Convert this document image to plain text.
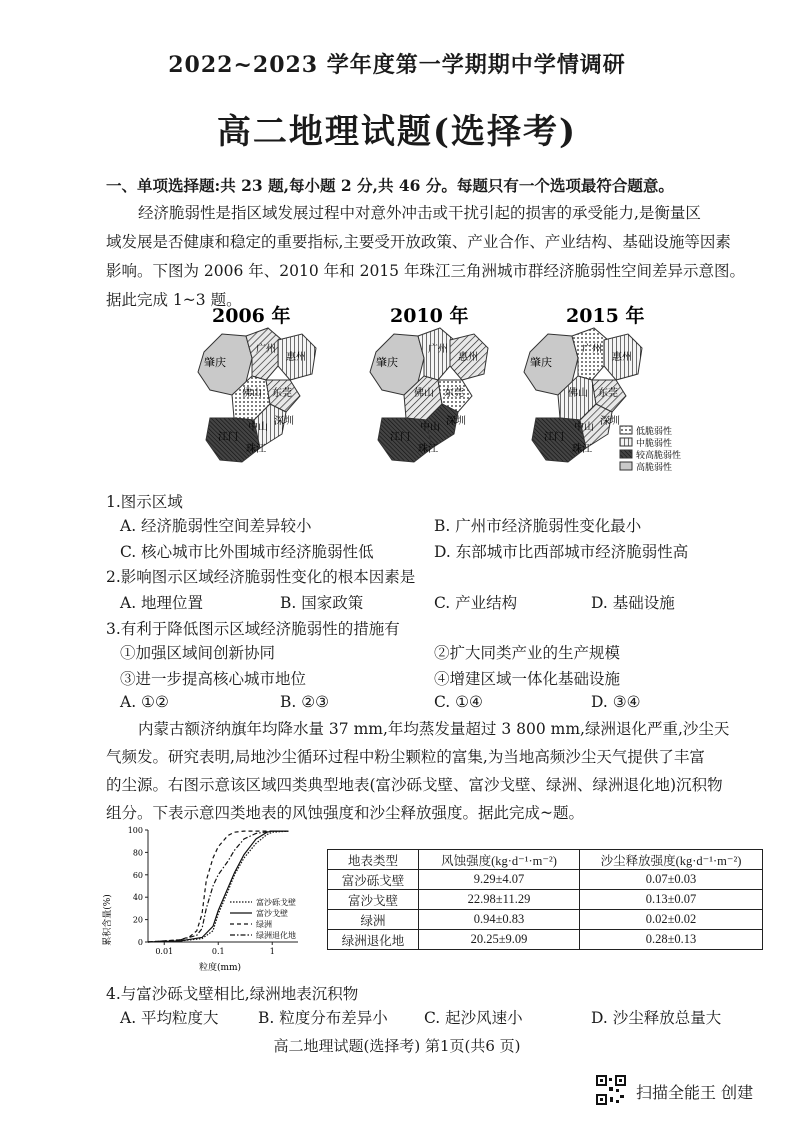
2022~2023 学年度第一学期期中学情调研
高二地理试题(选择考)
一、单项选择题:共 23 题,每小题 2 分,共 46 分。每题只有一个选项最符合题意。
经济脆弱性是指区域发展过程中对意外冲击或干扰引起的损害的承受能力,是衡量区
域发展是否健康和稳定的重要指标,主要受开放政策、产业合作、产业结构、基础设施等因素
影响。下图为 2006 年、2010 年和 2015 年珠江三角洲城市群经济脆弱性空间差异示意图。
据此完成 1~3 题。
2006 年
肇庆
广州
惠州
佛山 东莞
中山
深圳
江门
珠江
2010 年
肇庆
广州
惠州
佛山 东莞
中山
深圳
江门
珠江
2015 年
肇庆
广州
惠州
佛山 东莞
中山
深圳
江门
珠江
低脆弱性
中脆弱性
较高脆弱性
高脆弱性
1.图示区域
A. 经济脆弱性空间差异较小	B. 广州市经济脆弱性变化最小
C. 核心城市比外围城市经济脆弱性低	D. 东部城市比西部城市经济脆弱性高
2.影响图示区域经济脆弱性变化的根本因素是
A. 地理位置	B. 国家政策	C. 产业结构	D. 基础设施
3.有利于降低图示区域经济脆弱性的措施有
①加强区域间创新协同	②扩大同类产业的生产规模
③进一步提高核心城市地位	④增建区域一体化基础设施
A. ①②	B. ②③	C. ①④	D. ③④
内蒙古额济纳旗年均降水量 37 mm,年均蒸发量超过 3 800 mm,绿洲退化严重,沙尘天
气频发。研究表明,局地沙尘循环过程中粉尘颗粒的富集,为当地高频沙尘天气提供了丰富
的尘源。右图示意该区域四类典型地表(富沙砾戈壁、富沙戈壁、绿洲、绿洲退化地)沉积物
组分。下表示意四类地表的风蚀强度和沙尘释放强度。据此完成~题。
0
20
40
60
80
100
0.01	0.1	1
富沙砾戈壁
富沙戈壁
绿洲
绿洲退化地
累积含量(%)
粒度(mm)
地表类型	风蚀强度(kg·d⁻¹·m⁻²)	沙尘释放强度(kg·d⁻¹·m⁻²)
富沙砾戈壁	9.29±4.07	0.07±0.03
富沙戈壁	22.98±11.29	0.13±0.07
绿洲	0.94±0.83	0.02±0.02
绿洲退化地	20.25±9.09	0.28±0.13
4.与富沙砾戈壁相比,绿洲地表沉积物
A. 平均粒度大	B. 粒度分布差异小 C. 起沙风速小	D. 沙尘释放总量大
高二地理试题(选择考) 第1页(共6 页)
扫描全能王 创建
